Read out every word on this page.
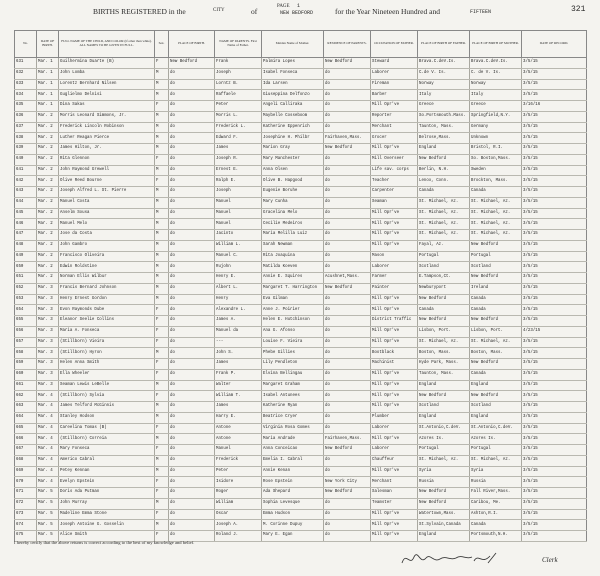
BIRTHS REGISTERED in the	CITY	of
PAGE 1
NEW BEDFORD	for the Year Nineteen Hundred and	FIFTEEN	321
No.	DATE OF BIRTH.	FULL NAME OF THE CHILD, AND COLOR (if other than white). ALL NAMES TO BE GIVEN IN FULL.	Sex.	PLACE OF BIRTH.	NAME OF PARENTS. First Name of Father.	Maiden Name of Mother.	RESIDENCE OF PARENTS.	OCCUPATION OF FATHER.	PLACE OF BIRTH OF FATHER.	PLACE OF BIRTH OF MOTHER.	DATE OF RECORD.
631	Mar. 1	Guilhermina Duarte (B)	F	New Bedford	Frank	Palmira Lopes	New Bedford	Steward	Brava.C.deV.Is.	Brava.C.deV.Is.	3/5/15
632	Mar. 1	John Lomba	M	do	Joseph	Isabel Fonseca	do	Laborer	C.de V. Is.	C. de V. Is.	3/5/15
633	Mar. 1	Lorentz Bernhard Nilsen	M	do	Lorntz B.	Ida Larsen	do	Fireman	Norway	Norway	3/5/15
634	Mar. 1	Guglielmo Delnisi	M	do	Raffaele	Giuseppina Delfonzo	do	Barber	Italy	Italy	3/5/15
635	Mar. 1	Dina Sakas	F	do	Peter	Angeli Calliraka	do	Mill Opr've	Greece	Greece	3/16/16
636	Mar. 2	Morris Leonard Simmons, Jr.	M	do	Morris L.	Maybelle Cosseboom	do	Reporter	So.Portsmouth.Mass.	Springfield,N.Y.	3/5/15
637	Mar. 2	Frederick Lincoln Robinson	M	do	Frederick L.	Katherine Eppenrich	do	Merchant	Taunton, Mass.	Germany	3/5/15
638	Mar. 2	Luther Reagan Pierce	M	do	Edward F.	Josephine H. Philbr	Fairhaven,Mass.	Grocer	Belrose,Mass.	Unknown	3/5/15
639	Mar. 2	James Hilton, Jr.	M	do	James	Marion Gray	New Bedford	Mill Opr've	England	Bristol, R.I.	3/5/15
640	Mar. 2	Rita Glennon	F	do	Joseph R.	Mary Manchester	do	Mill Overseer	New Bedford	So. Boston,Mass.	3/5/15
641	Mar. 2	John Raymond Grewell	M	do	Ernest E.	Anna Olsen	do	Life sav. corps	Berlin, N.H.	Sweden	3/5/15
642	Mar. 2	Olive Reed Bourne	F	do	Ralph E.	Olive B. Hapgood	do	Teacher	Lenox, Conn.	Brockton, Mass.	3/5/15
643	Mar. 2	Joseph Alfred L. St. Pierre	M	do	Joseph	Eugenie Boruhe	do	Carpenter	Canada	Canada	3/5/15
644	Mar. 2	Manuel Costa	M	do	Manuel	Mary Cunha	do	Seaman	St. Michael, Az.	St. Michael, Az.	3/5/15
645	Mar. 2	Anselm Sousa	M	do	Manuel	Gracelina Melo	do	Mill Opr've	St. Michael, Az.	St. Michael, Az.	3/5/15
646	Mar. 2	Manuel Melo	M	do	Manuel	Cecilie Medeiros	do	Mill Opr've	St. Michael, Az.	St. Michael, Az.	3/5/15
647	Mar. 2	Jose da Costa	M	do	Jacinto	Maria Melilla Luiz	do	Mill Opr've	St. Michael, Az.	St. Michael, Az.	3/5/15
648	Mar. 2	John Gambro	M	do	William L.	Sarah Newman	do	Mill Opr've	Fayal, Az.	New Bedford	3/5/15
649	Mar. 2	Francisco Oliveira	M	do	Manuel C.	Rita Joaquina	do	Mason	Portugal	Portugal	3/5/15
650	Mar. 2	Edwin Roldstine	M	do	Rujohn	Matilda Koeven	do	Laborer	Scotland	Scotland	3/5/15
651	Mar. 2	Norman Ellis Wilbur	M	do	Henry E.	Annie E. Squires	Acushnet,Mass.	Farmer	E.Tampson,Ct.	New Bedford	3/5/15
652	Mar. 3	Francis Bernard Johnson	M	do	Albert L.	Margaret T. Harrington	New Bedford	Painter	Newburyport	Ireland	3/5/15
653	Mar. 3	Henry Ernest Gordon	M	do	Henry	Eva Gilman	do	Mill Opr've	New Bedford	Canada	3/5/15
654	Mar. 3	Evon Raymonds Dube	F	do	Alexandre L.	Anne J. Poirier	do	Mill Opr've	Canada	Canada	3/5/15
655	Mar. 3	Eleanor Seelie Collins	F	do	James A.	Helen E. Hutchinson	do	District Traffic	New Bedford	New Bedford	3/5/15
656	Mar. 3	Maria A. Fonseca	F	do	Manuel da	Ana G. Afonso	do	Mill Opr've	Lisbon, Port.	Lisbon, Port.	4/23/15
657	Mar. 3	(Stillborn) Vieira	F	do	---	Louise F. Vieira	do	Mill Opr've	St. Michael, Az.	St. Michael, Az.	3/5/15
658	Mar. 3	(Stillborn) Hyron	M	do	John S.	Phebe Gillies	do	Bootblack	Boston, Mass.	Boston, Mass.	3/5/15
659	Mar. 3	Helen Anna Smith	F	do	James	Lily Pendleton	do	Machinist	Hyde Park, Mass.	New Bedford	3/5/15
660	Mar. 3	Ella Wheeler	F	do	Frank P.	Elvina Bellingau	do	Mill Opr've	Taunton, Mass.	Canada	3/5/15
661	Mar. 3	Seaman Lewis LeBelle	M	do	Walter	Margaret Graham	do	Mill Opr've	England	England	3/5/15
662	Mar. 4	(Stillborn) Sylvia	F	do	William T.	Isabel Antunees	do	Mill Opr've	New Bedford	New Bedford	3/5/15
663	Mar. 4	James Telford McGinnis	M	do	James	Katherine Ryan	do	Mill Opr've	Scotland	Scotland	3/5/15
664	Mar. 4	Stanley Hodson	M	do	Harry E.	Beatrice Cryer	do	Plumber	England	England	3/5/15
665	Mar. 4	Careelina Tomas (B)	F	do	Antone	Virginia Rosa Gomes	do	Laborer	St.Antonio,C.deV.	St.Antonio,C.deV.	3/5/15
666	Mar. 4	(Stillborn) Correia	M	do	Antone	Maria Andrade	Fairhaven,Mass.	Mill Opr've	Azores Is.	Azores Is.	3/5/15
667	Mar. 4	Mary Fonseca	F	do	Manuel	Anna Conceicao	New Bedford	Laborer	Portugal	Portugal	3/5/15
668	Mar. 4	Americo Cabral	M	do	Frederick	Emelia I. Cabral	do	Chauffeur	St. Michael, Az.	St. Michael, Az.	3/5/15
669	Mar. 4	Petey Kennan	M	do	Peter	Annie Kenan	do	Mill Opr've	Syria	Syria	3/5/15
670	Mar. 4	Evelyn Epstein	F	do	Isidore	Rose Epstein	New York City	Merchant	Russia	Russia	3/5/15
671	Mar. 5	Doris Ada Putman	F	do	Roger	Ada Shepard	New Bedford	Salesman	New Bedford	Fall River,Mass.	3/5/15
672	Mar. 5	John Murray	M	do	William	Sophia Levesque	do	Teamster	New Bedford	Caribou, Me.	3/5/15
673	Mar. 5	Madeline Emma Stone	F	do	Oscar	Emma Hudson	do	Mill Opr've	Watertown,Mass.	Ashton,R.I.	3/5/15
674	Mar. 5	Joseph Antoine G. Gosselin	M	do	Joseph A.	M. Corinne Dupuy	do	Mill Opr've	St.Sylvain,Canada	Canada	3/5/15
675	Mar. 5	Alice Smith	F	do	Roland J.	Mary E. Egan	do	Mill Opr've	England	Portsmouth,N.H.	3/5/15
I hereby certify that the above returns is correct according to the best of my knowledge and belief.
Clerk
